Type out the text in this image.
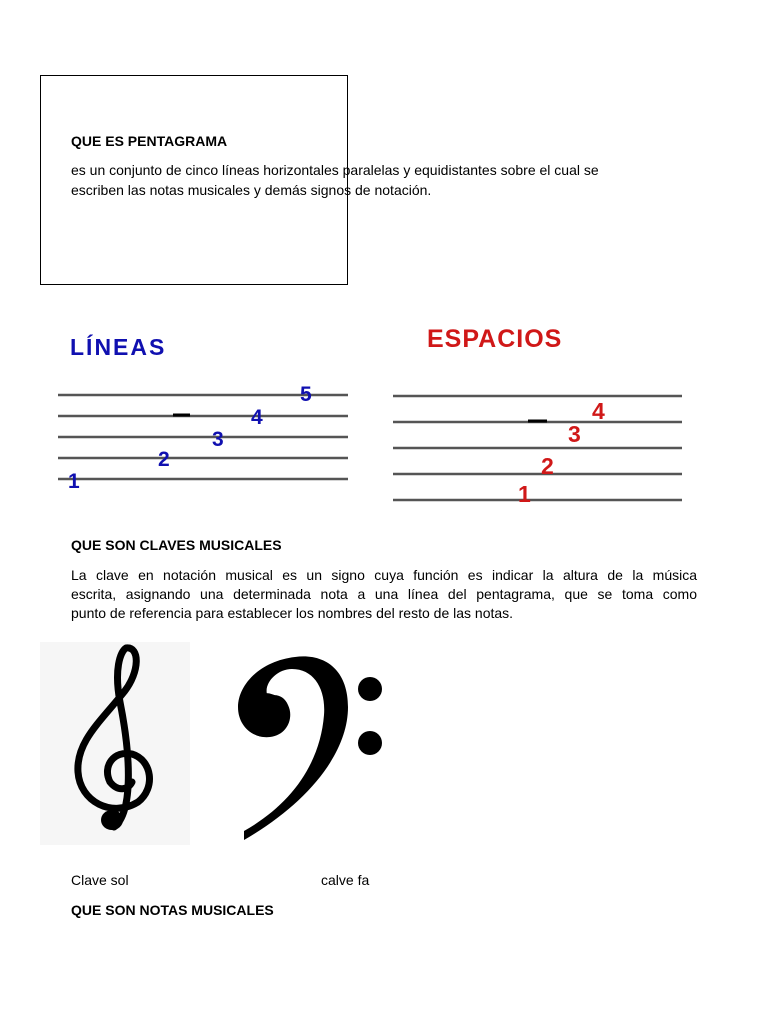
QUE ES PENTAGRAMA
es un conjunto de cinco líneas horizontales paralelas y equidistantes sobre el cual se
escriben las notas musicales y demás signos de notación.
LÍNEAS
1
2
3
4
5
ESPACIOS
1
2
3
4
QUE SON CLAVES MUSICALES
La clave en notación musical es un signo cuya función es indicar la altura de la música
escrita, asignando una determinada nota a una línea del pentagrama, que se toma como
punto de referencia para establecer los nombres del resto de las notas.
Clave sol	calve fa
QUE SON NOTAS MUSICALES
